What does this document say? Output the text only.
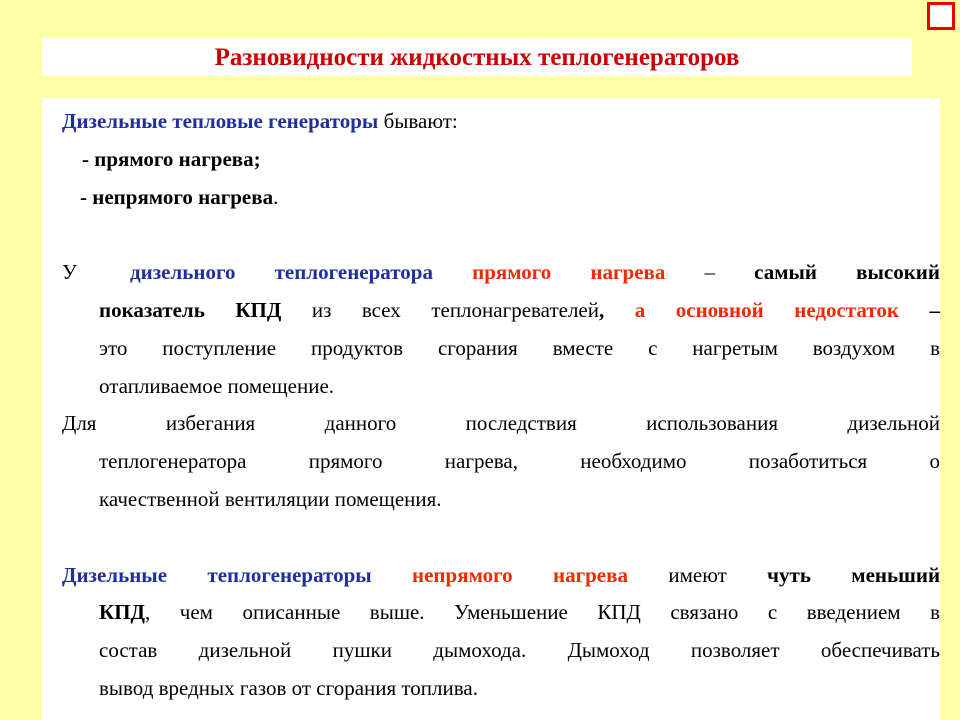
Разновидности жидкостных теплогенераторов
Дизельные тепловые генераторы бывают:
- прямого нагрева;
- непрямого нагрева.
У	дизельного теплогенератора прямого нагрева – самый высокий
показатель КПД из всех теплонагревателей, а основной недостаток –
это поступление продуктов сгорания вместе с нагретым воздухом в
отапливаемое помещение.
Для избегания данного последствия использования дизельной
теплогенератора прямого нагрева, необходимо позаботиться о
качественной вентиляции помещения.
Дизельные теплогенераторы непрямого нагрева имеют чуть меньший
КПД, чем описанные выше. Уменьшение КПД связано с введением в
состав дизельной пушки дымохода. Дымоход позволяет обеспечивать
вывод вредных газов от сгорания топлива.
